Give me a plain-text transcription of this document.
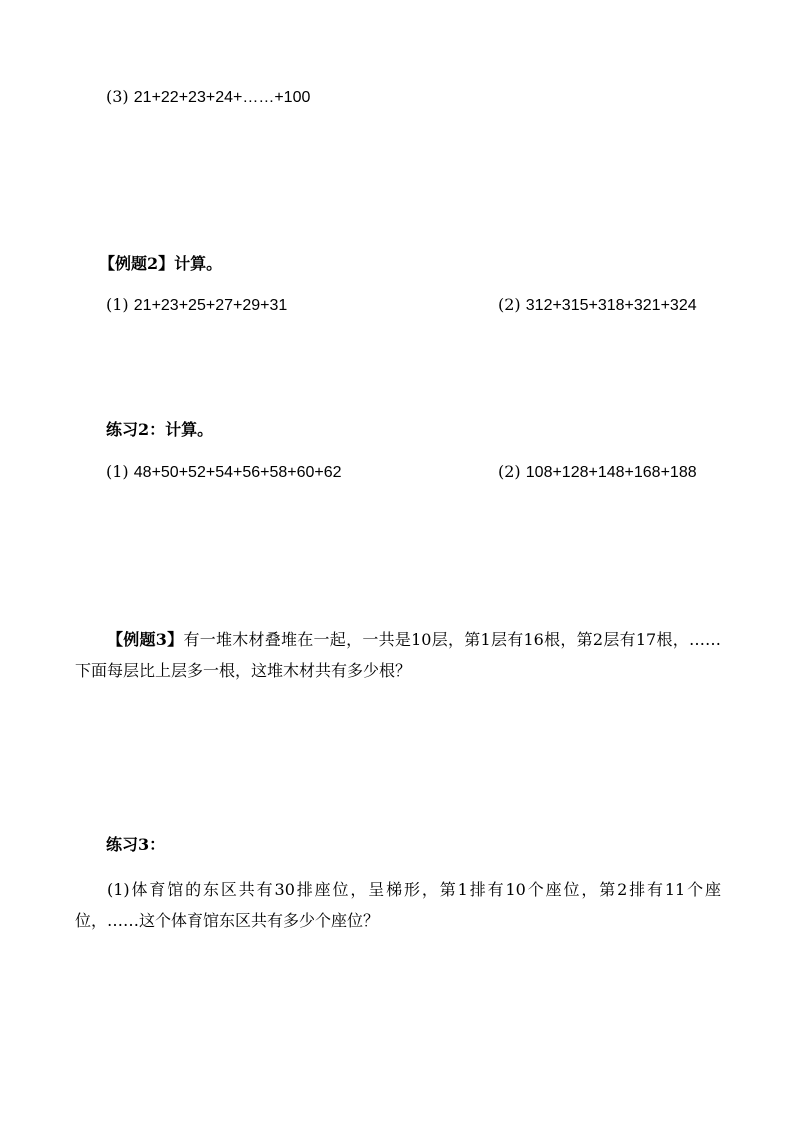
(3) 21+22+23+24+……+100
【例题2】计算。
(1) 21+23+25+27+29+31	(2) 312+315+318+321+324
练习2：计算。
(1) 48+50+52+54+56+58+60+62	(2) 108+128+148+168+188
【例题3】有一堆木材叠堆在一起，一共是10层，第1层有16根，第2层有17根，……下面每层比上层多一根，这堆木材共有多少根？
练习3：
(1)体育馆的东区共有30排座位，呈梯形，第1排有10个座位，第2排有11个座位，……这个体育馆东区共有多少个座位？
